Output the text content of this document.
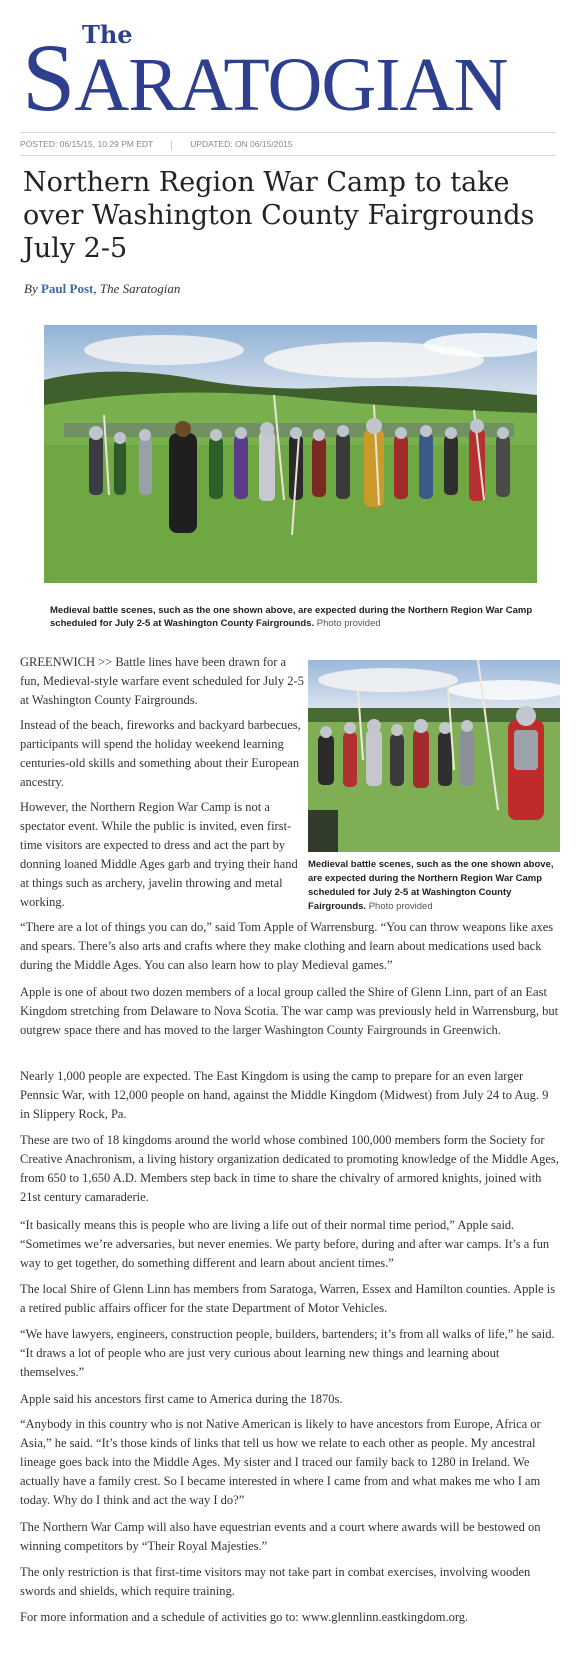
The
SARATOGIAN
POSTED: 06/15/15, 10:29 PM EDT	UPDATED: ON 06/15/2015
Northern Region War Camp to take over Washington County Fairgrounds July 2-5
By Paul Post, The Saratogian
Medieval battle scenes, such as the one shown above, are expected during the Northern Region War Camp scheduled for July 2-5 at Washington County Fairgrounds. Photo provided
Medieval battle scenes, such as the one shown above, are expected during the Northern Region War Camp scheduled for July 2-5 at Washington County Fairgrounds. Photo provided

GREENWICH >> Battle lines have been drawn for a fun, Medieval-style warfare event scheduled for July 2-5 at Washington County Fairgrounds.

Instead of the beach, fireworks and backyard barbecues, participants will spend the holiday weekend learning centuries-old skills and something about their European ancestry.

However, the Northern Region War Camp is not a spectator event. While the public is invited, even first-time visitors are expected to dress and act the part by donning loaned Middle Ages garb and trying their hand at things such as archery, javelin throwing and metal working.

“There are a lot of things you can do,” said Tom Apple of Warrensburg. “You can throw weapons like axes and spears. There’s also arts and crafts where they make clothing and learn about medications used back during the Middle Ages. You can also learn how to play Medieval games.”

Apple is one of about two dozen members of a local group called the Shire of Glenn Linn, part of an East Kingdom stretching from Delaware to Nova Scotia. The war camp was previously held in Warrensburg, but outgrew space there and has moved to the larger Washington County Fairgrounds in Greenwich.

Nearly 1,000 people are expected. The East Kingdom is using the camp to prepare for an even larger Pennsic War, with 12,000 people on hand, against the Middle Kingdom (Midwest) from July 24 to Aug. 9 in Slippery Rock, Pa.

These are two of 18 kingdoms around the world whose combined 100,000 members form the Society for Creative Anachronism, a living history organization dedicated to promoting knowledge of the Middle Ages, from 650 to 1,650 A.D. Members step back in time to share the chivalry of armored knights, joined with 21st century camaraderie.

“It basically means this is people who are living a life out of their normal time period,” Apple said. “Sometimes we’re adversaries, but never enemies. We party before, during and after war camps. It’s a fun way to get together, do something different and learn about ancient times.”

The local Shire of Glenn Linn has members from Saratoga, Warren, Essex and Hamilton counties. Apple is a retired public affairs officer for the state Department of Motor Vehicles.

“We have lawyers, engineers, construction people, builders, bartenders; it’s from all walks of life,” he said. “It draws a lot of people who are just very curious about learning new things and learning about themselves.”

Apple said his ancestors first came to America during the 1870s.

“Anybody in this country who is not Native American is likely to have ancestors from Europe, Africa or Asia,” he said. “It’s those kinds of links that tell us how we relate to each other as people. My ancestral lineage goes back into the Middle Ages. My sister and I traced our family back to 1280 in Ireland. We actually have a family crest. So I became interested in where I came from and what makes me who I am today. Why do I think and act the way I do?”

The Northern War Camp will also have equestrian events and a court where awards will be bestowed on winning competitors by “Their Royal Majesties.”

The only restriction is that first-time visitors may not take part in combat exercises, involving wooden swords and shields, which require training.

For more information and a schedule of activities go to: www.glennlinn.eastkingdom.org.
